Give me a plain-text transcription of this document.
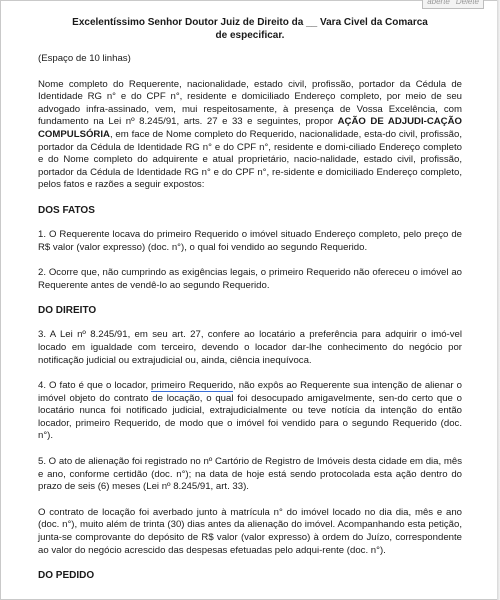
aberte Delete
Excelentíssimo Senhor Doutor Juiz de Direito da __ Vara Civel da Comarca
de especificar.

(Espaço de 10 linhas)

Nome completo do Requerente, nacionalidade, estado civil, profissão, portador da Cédula de Identidade RG n° e do CPF n°, residente e domiciliado Endereço completo, por meio de seu advogado infra-assinado, vem, mui respeitosamente, à presença de Vossa Excelência, com fundamento na Lei nº 8.245/91, arts. 27 e 33 e seguintes, propor AÇÃO DE ADJUDI-CAÇÃO COMPULSÓRIA, em face de Nome completo do Requerido, nacionalidade, esta-do civil, profissão, portador da Cédula de Identidade RG n° e do CPF n°, residente e domi-ciliado Endereço completo e do Nome completo do adquirente e atual proprietário, nacio-nalidade, estado civil, profissão, portador da Cédula de Identidade RG n° e do CPF n°, re-sidente e domiciliado Endereço completo, pelos fatos e razões a seguir expostos:

DOS FATOS

1. O Requerente locava do primeiro Requerido o imóvel situado Endereço completo, pelo preço de R$ valor (valor expresso) (doc. n°), o qual foi vendido ao segundo Requerido.

2. Ocorre que, não cumprindo as exigências legais, o primeiro Requerido não ofereceu o imóvel ao Requerente antes de vendê-lo ao segundo Requerido.

DO DIREITO

3. A Lei nº 8.245/91, em seu art. 27, confere ao locatário a preferência para adquirir o imó-vel locado em igualdade com terceiro, devendo o locador dar-lhe conhecimento do negócio por notificação judicial ou extrajudicial ou, ainda, ciência inequívoca.

4. O fato é que o locador, primeiro Requerido, não expôs ao Requerente sua intenção de alienar o imóvel objeto do contrato de locação, o qual foi desocupado amigavelmente, sen-do certo que o locatário nunca foi notificado judicial, extrajudicialmente ou teve notícia da intenção do então locador, primeiro Requerido, de modo que o imóvel foi vendido para o segundo Requerido (doc. n°).

5. O ato de alienação foi registrado no nº Cartório de Registro de Imóveis desta cidade em dia, mês e ano, conforme certidão (doc. n°); na data de hoje está sendo protocolada esta ação dentro do prazo de seis (6) meses (Lei nº 8.245/91, art. 33).

O contrato de locação foi averbado junto à matrícula n° do imóvel locado no dia dia, mês e ano (doc. n°), muito além de trinta (30) dias antes da alienação do imóvel. Acompanhando esta petição, junta-se comprovante do depósito de R$ valor (valor expresso) à ordem do Juízo, correspondente ao valor do negócio acrescido das despesas efetuadas pelo adqui-rente (doc. n°).

DO PEDIDO
